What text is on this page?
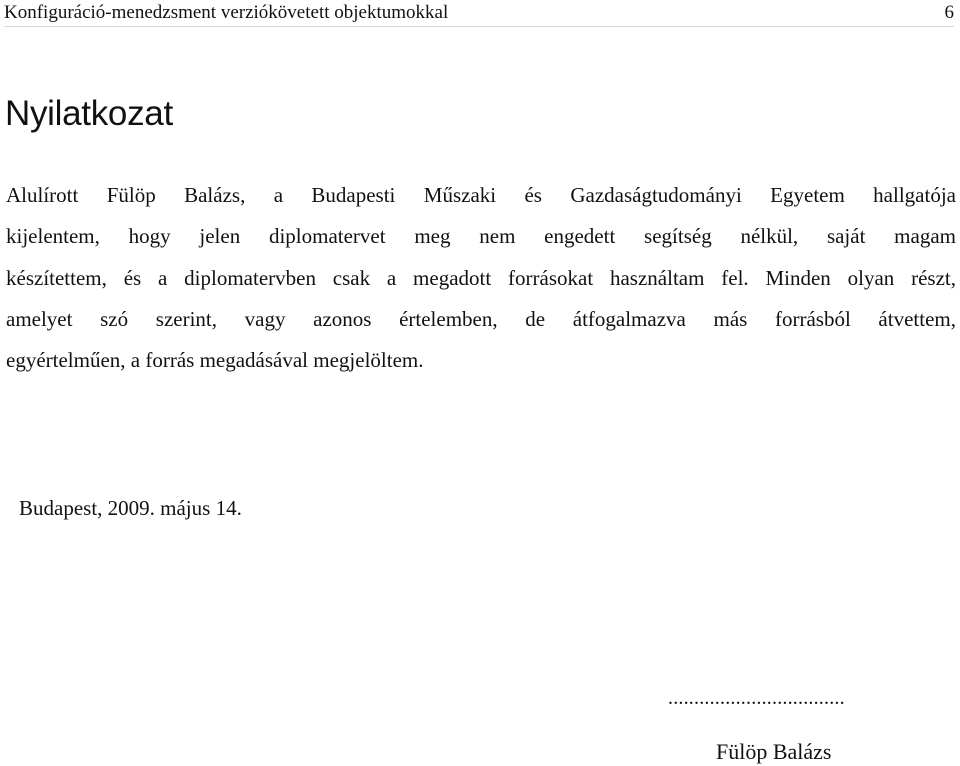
Konfiguráció-menedzsment verziókövetett objektumokkal	6
Nyilatkozat
Alulírott Fülöp Balázs, a Budapesti Műszaki és Gazdaságtudományi Egyetem hallgatója
kijelentem, hogy jelen diplomatervet meg nem engedett segítség nélkül, saját magam
készítettem, és a diplomatervben csak a megadott forrásokat használtam fel. Minden olyan részt,
amelyet szó szerint, vagy azonos értelemben, de átfogalmazva más forrásból átvettem,
egyértelműen, a forrás megadásával megjelöltem.
Budapest, 2009. május 14.
..................................
Fülöp Balázs
